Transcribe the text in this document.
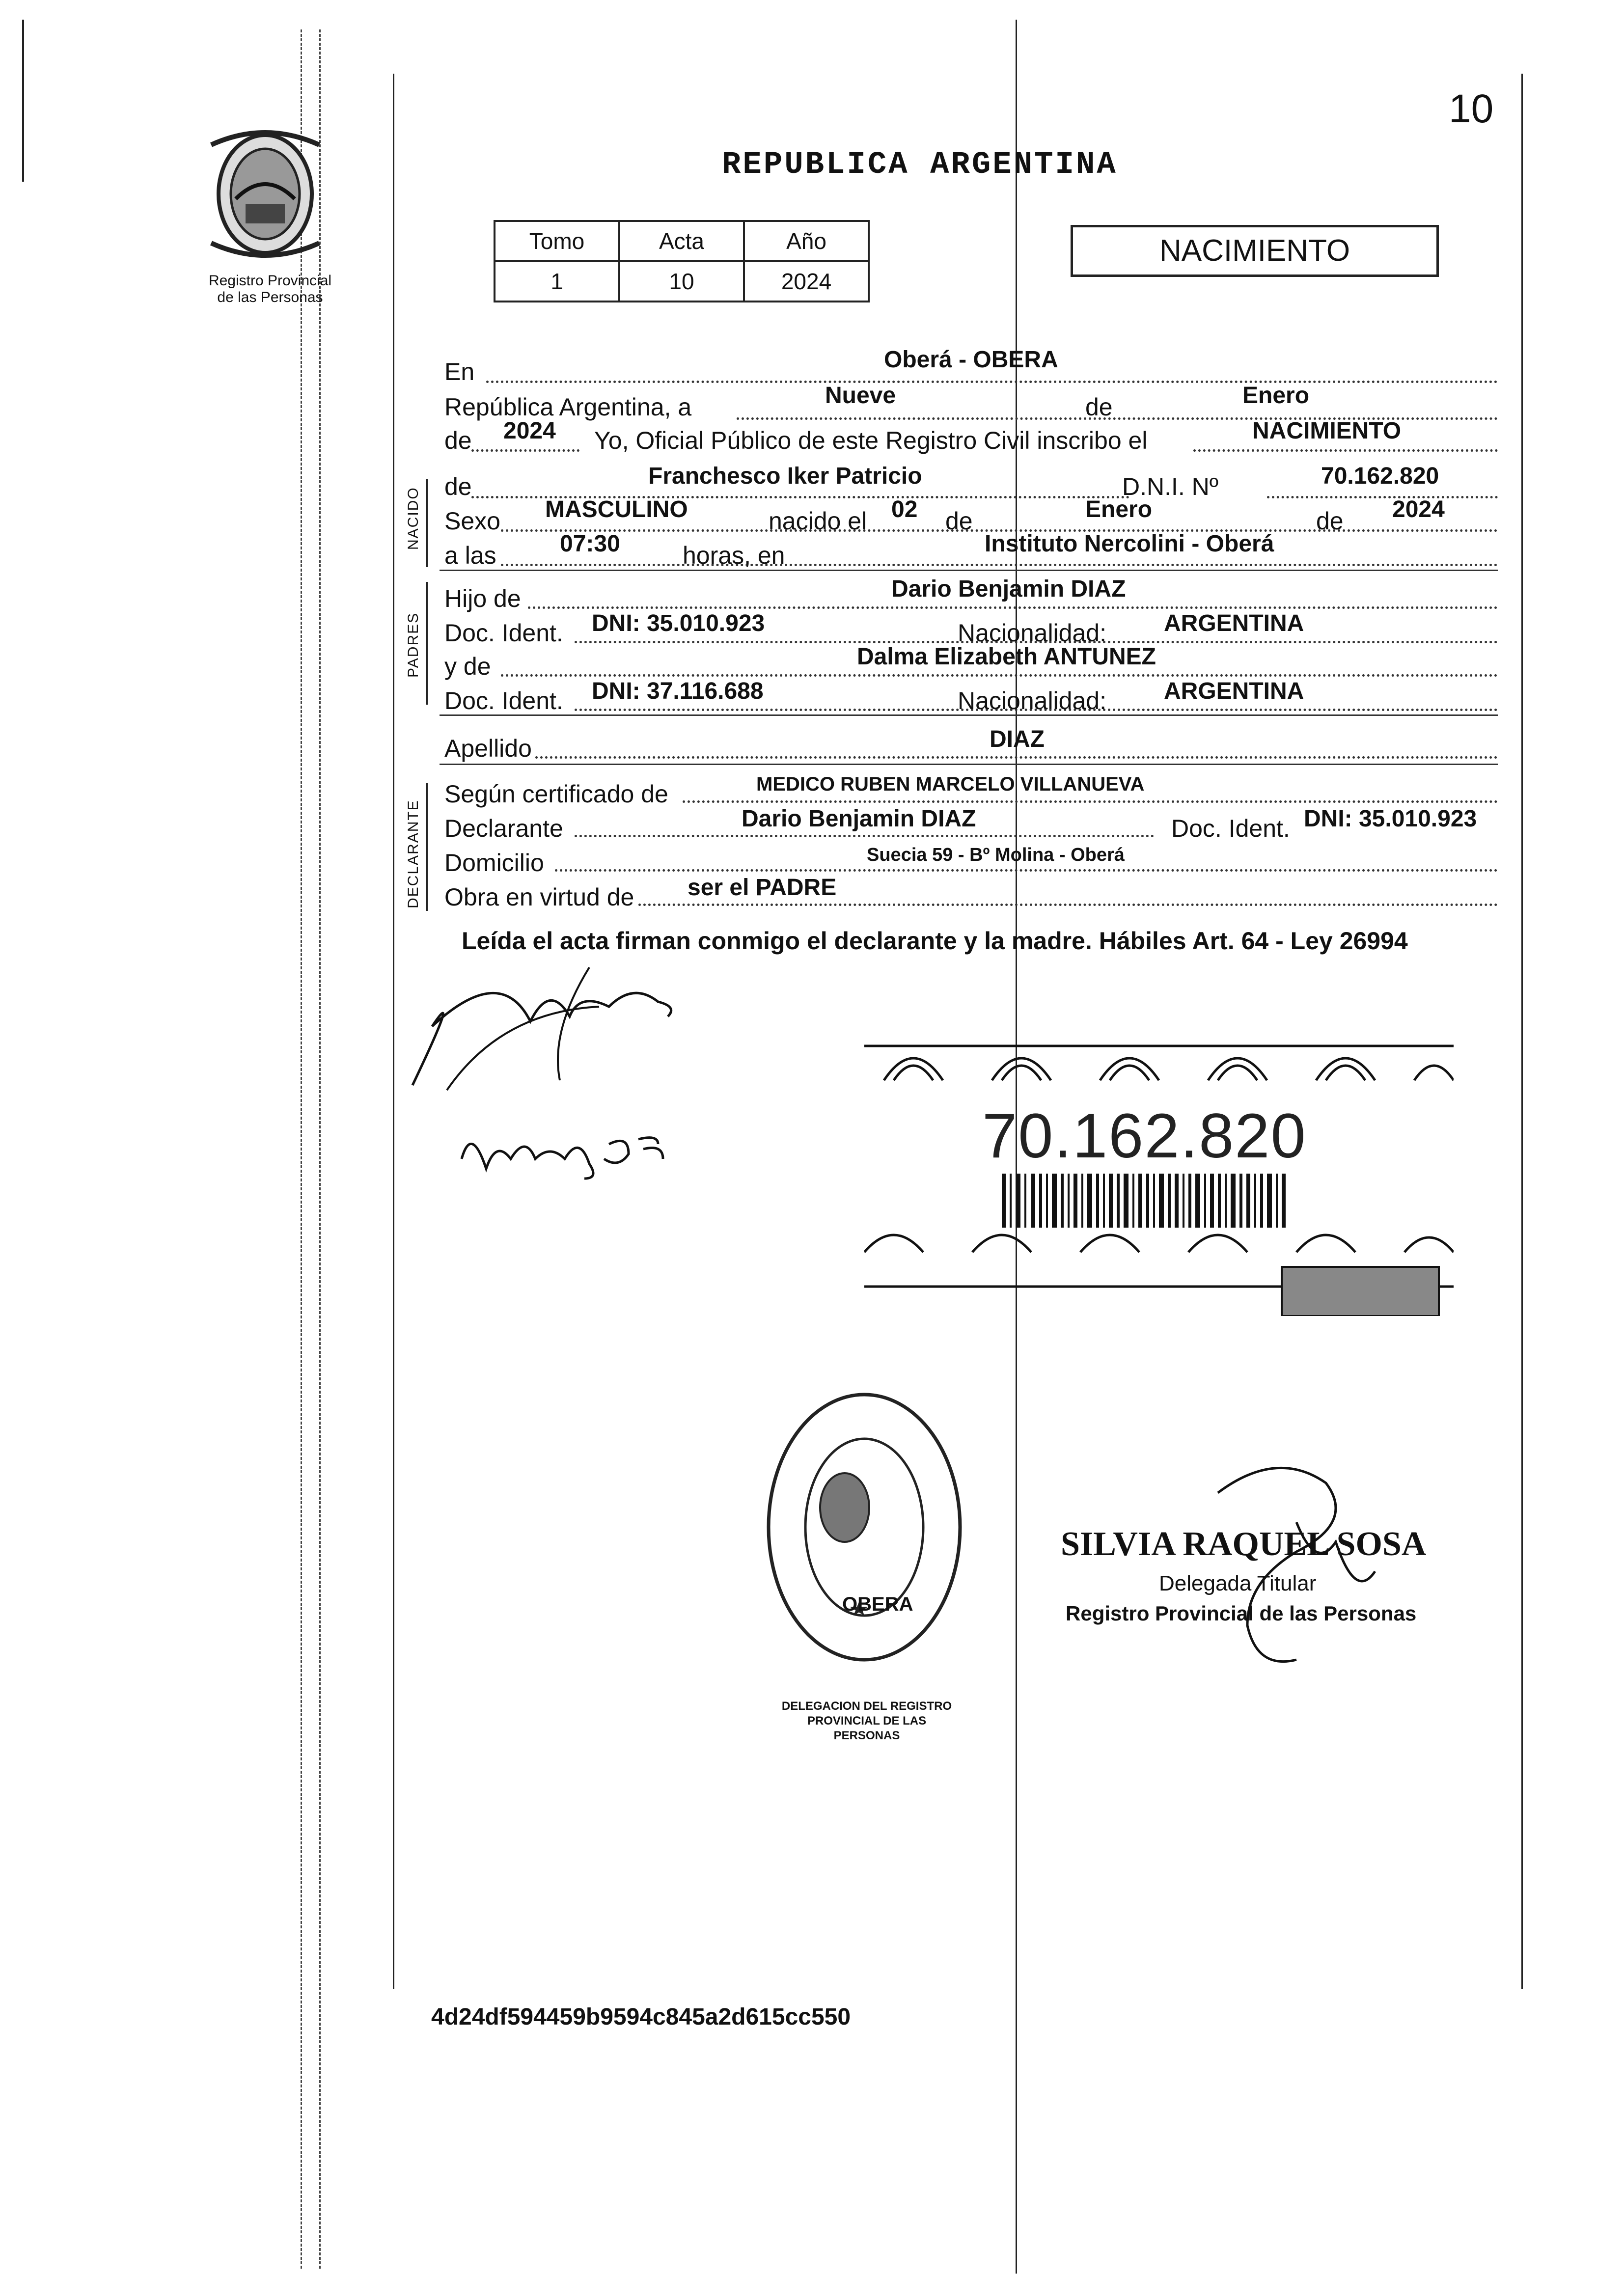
10
Registro Provincial
de las Personas
REPUBLICA ARGENTINA
Tomo	Acta	Año
1	10	2024
NACIMIENTO
NACIDO
PADRES
DECLARANTE
En	Oberá - OBERA
República Argentina, a	Nueve	de	Enero
de 2024 Yo, Oficial Público de este Registro Civil inscribo el	NACIMIENTO
de	Franchesco Iker Patricio	D.N.I. Nº	70.162.820
Sexo MASCULINO	nacido el 02 de	Enero	de 2024
a las	07:30	horas, en	Instituto Nercolini - Oberá
Hijo de	Dario Benjamin DIAZ
Doc. Ident. DNI: 35.010.923	Nacionalidad: ARGENTINA
y de	Dalma Elizabeth ANTUNEZ
Doc. Ident. DNI: 37.116.688	Nacionalidad: ARGENTINA
Apellido	DIAZ
Según certificado de	MEDICO RUBEN MARCELO VILLANUEVA
Declarante	Dario Benjamin DIAZ	Doc. Ident. DNI: 35.010.923
Domicilio	Suecia 59 - Bº Molina - Oberá
Obra en virtud de ser el PADRE
Leída el acta firman conmigo el declarante y la madre. Hábiles Art. 64 - Ley 26994
70.162.820
OBERA
DELEGACION DEL REGISTRO PROVINCIAL DE LAS PERSONAS
SILVIA RAQUEL SOSA
Delegada Titular
Registro Provincial de las Personas
4d24df594459b9594c845a2d615cc550
